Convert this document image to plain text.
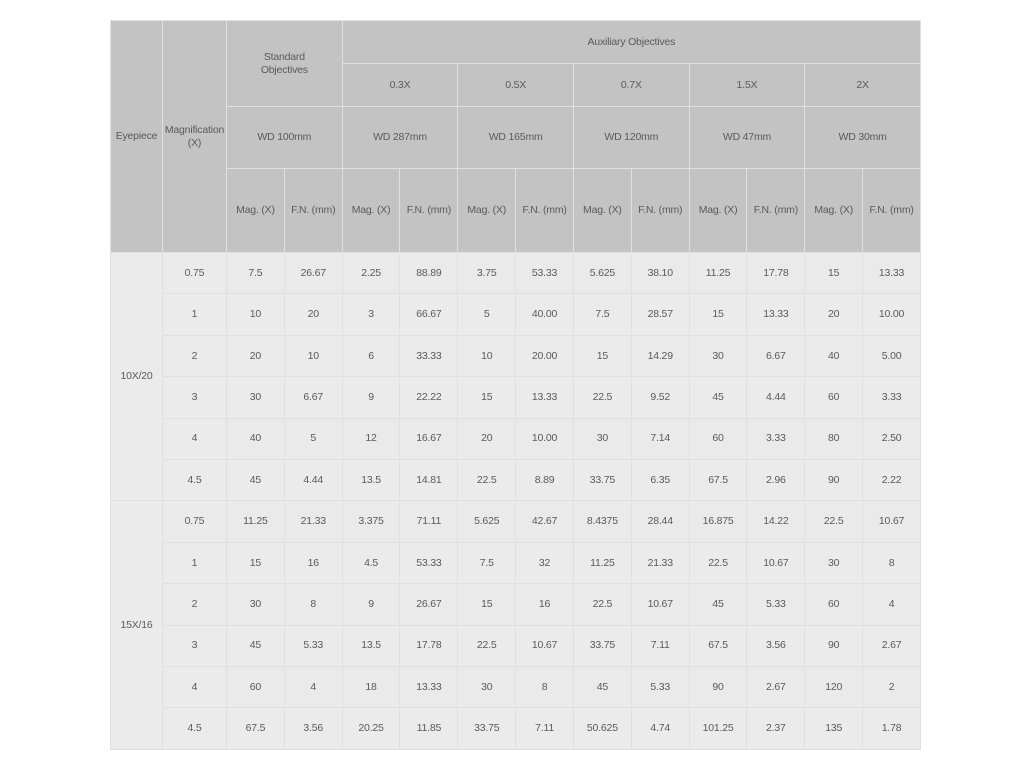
Eyepiece	Magnification (X)	Standard Objectives		Auxiliary Objectives									
				0.3X		0.5X		0.7X		1.5X		2X	
		WD 100mm		WD 287mm		WD 165mm		WD 120mm		WD 47mm		WD 30mm	
		Mag. (X)	F.N. (mm)	Mag. (X)	F.N. (mm)	Mag. (X)	F.N. (mm)	Mag. (X)	F.N. (mm)	Mag. (X)	F.N. (mm)	Mag. (X)	F.N. (mm)
10X/20	0.75	7.5	26.67	2.25	88.89	3.75	53.33	5.625	38.10	11.25	17.78	15	13.33
	1	10	20	3	66.67	5	40.00	7.5	28.57	15	13.33	20	10.00
	2	20	10	6	33.33	10	20.00	15	14.29	30	6.67	40	5.00
	3	30	6.67	9	22.22	15	13.33	22.5	9.52	45	4.44	60	3.33
	4	40	5	12	16.67	20	10.00	30	7.14	60	3.33	80	2.50
	4.5	45	4.44	13.5	14.81	22.5	8.89	33.75	6.35	67.5	2.96	90	2.22
15X/16	0.75	11.25	21.33	3.375	71.11	5.625	42.67	8.4375	28.44	16.875	14.22	22.5	10.67
	1	15	16	4.5	53.33	7.5	32	11.25	21.33	22.5	10.67	30	8
	2	30	8	9	26.67	15	16	22.5	10.67	45	5.33	60	4
	3	45	5.33	13.5	17.78	22.5	10.67	33.75	7.11	67.5	3.56	90	2.67
	4	60	4	18	13.33	30	8	45	5.33	90	2.67	120	2
	4.5	67.5	3.56	20.25	11.85	33.75	7.11	50.625	4.74	101.25	2.37	135	1.78
